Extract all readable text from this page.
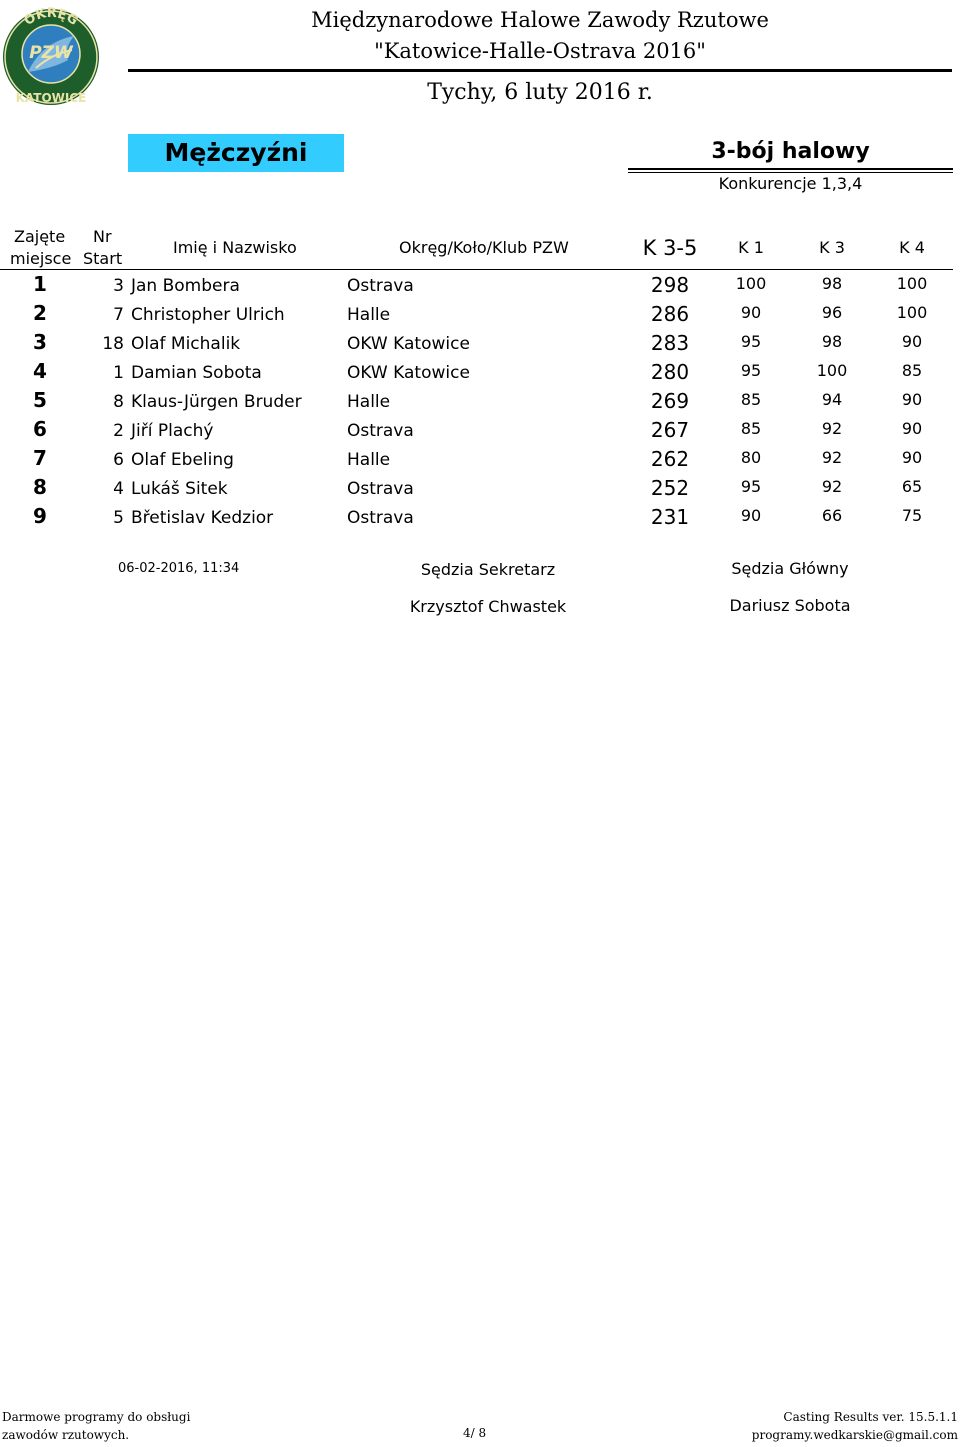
OKRĘG
PZW
KATOWICE
Międzynarodowe Halowe Zawody Rzutowe
"Katowice-Halle-Ostrava 2016"
Tychy, 6 luty 2016 r.
Mężczyźni	3-bój halowy
Konkurencje 1,3,4
Zajęte
miejsce
Nr
Start
Imię i Nazwisko	Okręg/Koło/Klub PZW	K 3-5	K 1	K 3	K 4
1	3 Jan Bombera	Ostrava	298	100	98	100
2	7 Christopher Ulrich	Halle	286	90	96	100
3	18 Olaf Michalik	OKW Katowice	283	95	98	90
4	1 Damian Sobota	OKW Katowice	280	95	100	85
5	8 Klaus-Jürgen Bruder	Halle	269	85	94	90
6	2 Jiří Plachý	Ostrava	267	85	92	90
7	6 Olaf Ebeling	Halle	262	80	92	90
8	4 Lukáš Sitek	Ostrava	252	95	92	65
9	5 Břetislav Kedzior	Ostrava	231	90	66	75
06-02-2016, 11:34	Sędzia Sekretarz
Krzysztof Chwastek
Sędzia Główny
Dariusz Sobota
Darmowe programy do obsługi
zawodów rzutowych.	4/ 8
Casting Results ver. 15.5.1.1
programy.wedkarskie@gmail.com
